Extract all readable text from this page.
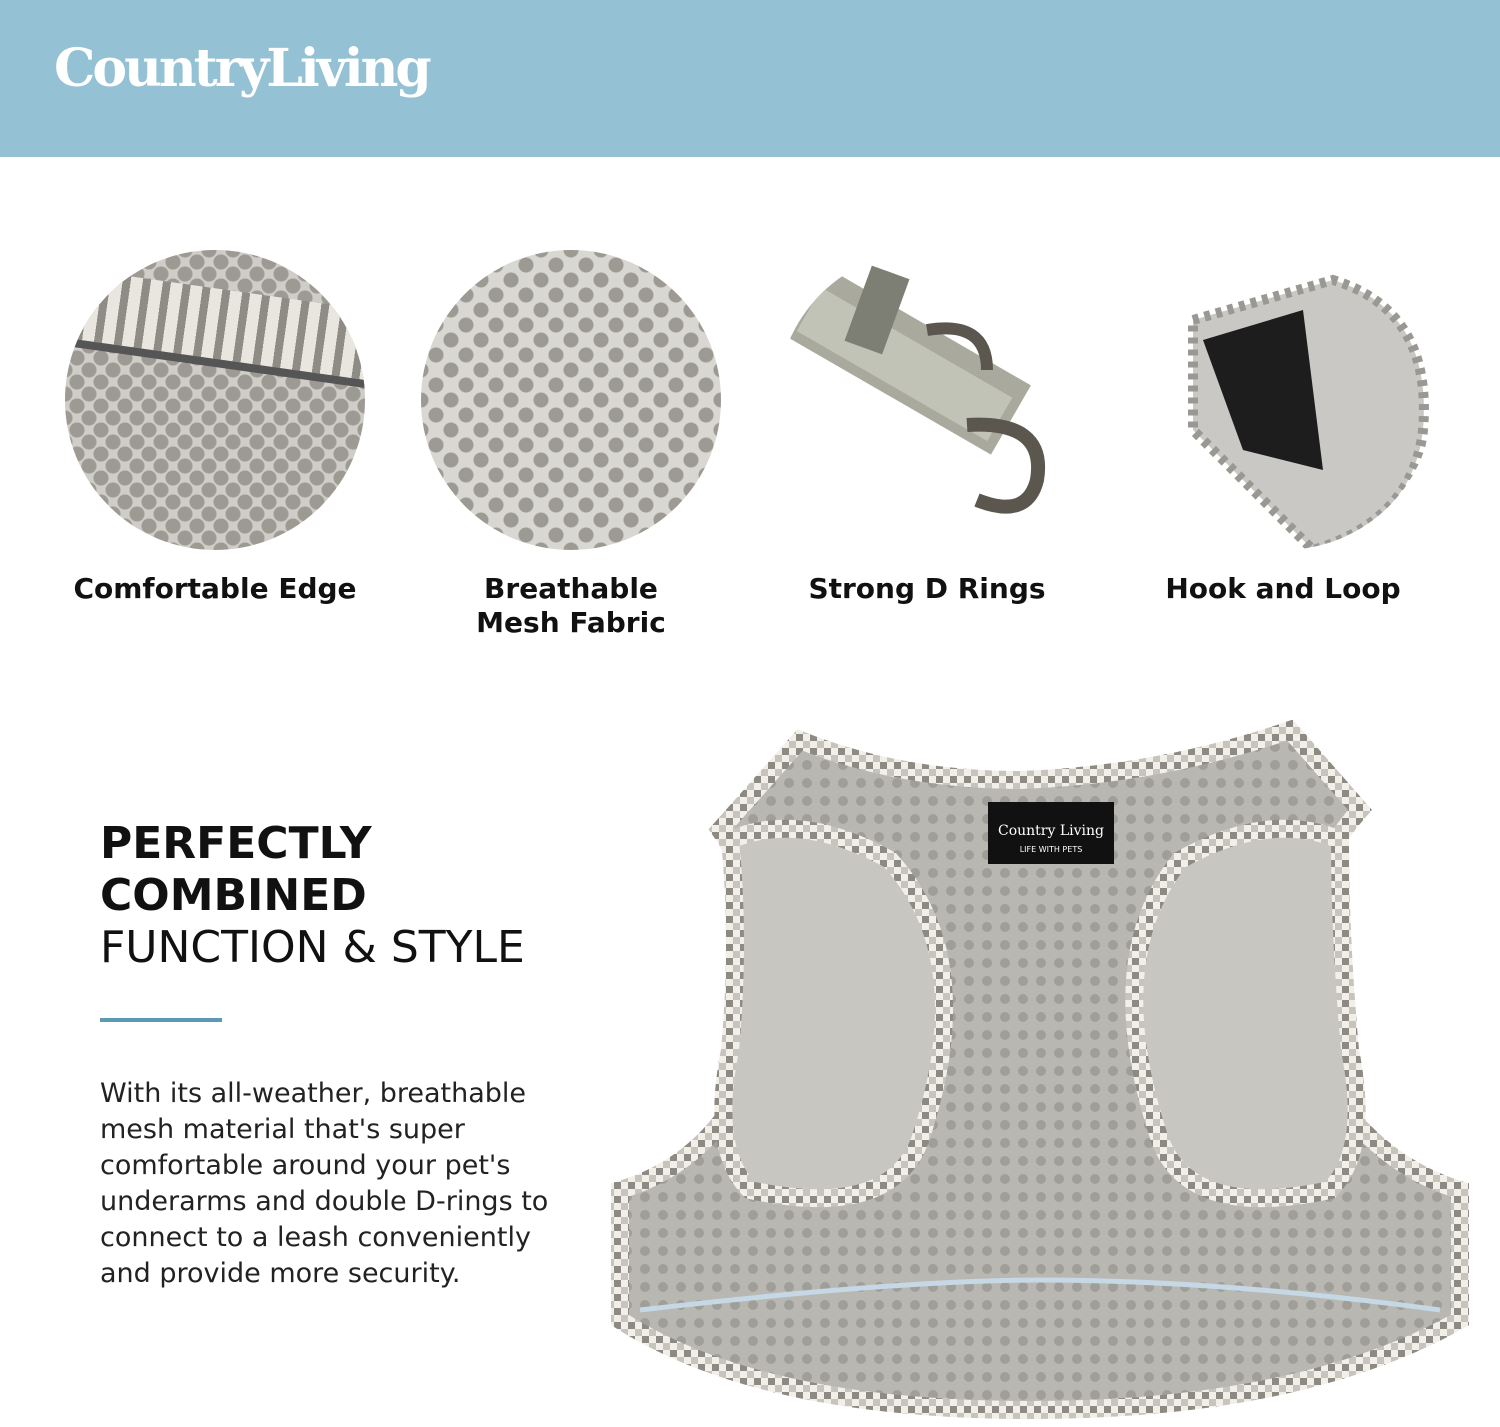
CountryLiving
Comfortable Edge	Breathable
Mesh Fabric
Strong D Rings	Hook and Loop
PERFECTLY
COMBINED
FUNCTION & STYLE
With its all-weather, breathable mesh material that's super comfortable around your pet's underarms and double D-rings to connect to a leash conveniently and provide more security.
Country Living
LIFE WITH PETS
